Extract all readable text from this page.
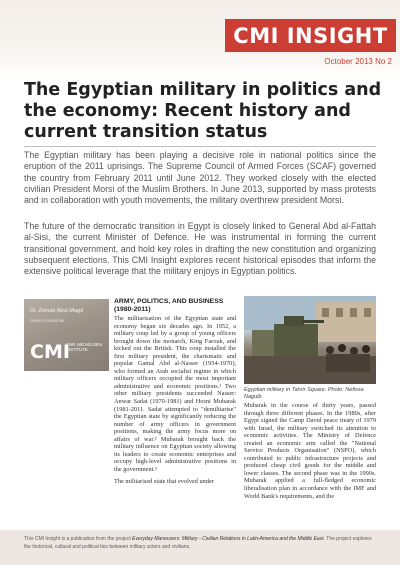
CMI INSIGHT
October 2013 No 2
The Egyptian military in politics and the economy: Recent history and current transition status

The Egyptian military has been playing a decisive role in national politics since the eruption of the 2011 uprisings. The Supreme Council of Armed Forces (SCAF) governed the country from February 2011 until June 2012. They worked closely with the elected civilian President Morsi of the Muslim Brothers. In June 2013, supported by mass protests and in collaboration with youth movements, the military overthrew president Morsi.

The future of the democratic transition in Egypt is closely linked to General Abd al-Fattah al-Sisi, the current Minister of Defence. He was instrumental in forming the current transitional government, and hold key roles in drafting the new constitution and organizing subsequent elections. This CMI Insight explores recent historical episodes that inform the extensive political leverage that the military enjoys in Egyptian politics.

Dr. Zeinab Abul-Magd
Guest researcher
CMI
CHR. MICHELSEN INSTITUTE
ARMY, POLITICS, AND BUSINESS (1980-2011)

The militarisation of the Egyptian state and economy began six decades ago. In 1952, a military coup led by a group of young officers brought down the monarch, King Farouk, and kicked out the British. This coup installed the first military president, the charismatic and popular Gamal Abd al-Nasser (1954-1970), who formed an Arab socialist regime in which military officers occupied the most important administrative and economic positions.¹ Two other military presidents succeeded Nasser: Anwar Sadat (1970-1981) and Hosni Mubarak (1981-2011. Sadat attempted to "demilitarise" the Egyptian state by significantly reducing the number of army officers in government positions, making the army focus more on affairs of war.² Mubarak brought back the military influence on Egyptian society allowing its leaders to create economic enterprises and occupy high-level administrative positions in the government.³

The militarised state that evolved under

Egyptian military in Tahrir Square. Photo: Nefissa Naguib.

Mubarak in the course of thirty years, passed through three different phases. In the 1980s, after Egypt signed the Camp David peace treaty of 1979 with Israel, the military switched its attention to economic activities. The Ministry of Defence created an economic arm called the "National Service Products Organisation" (NSPO), which contributed to public infrastructure projects and produced cheap civil goods for the middle and lower classes. The second phase was in the 1990s. Mubarak applied a full-fledged economic liberalisation plan in accordance with the IMF and World Bank's requirements, and the

This CMI Insight is a publication from the project Everyday Maneuvers: Military - Civilian Relations in Latin-America and the Middle East. The project explores the historical, cultural and political ties between military actors and civilians.
